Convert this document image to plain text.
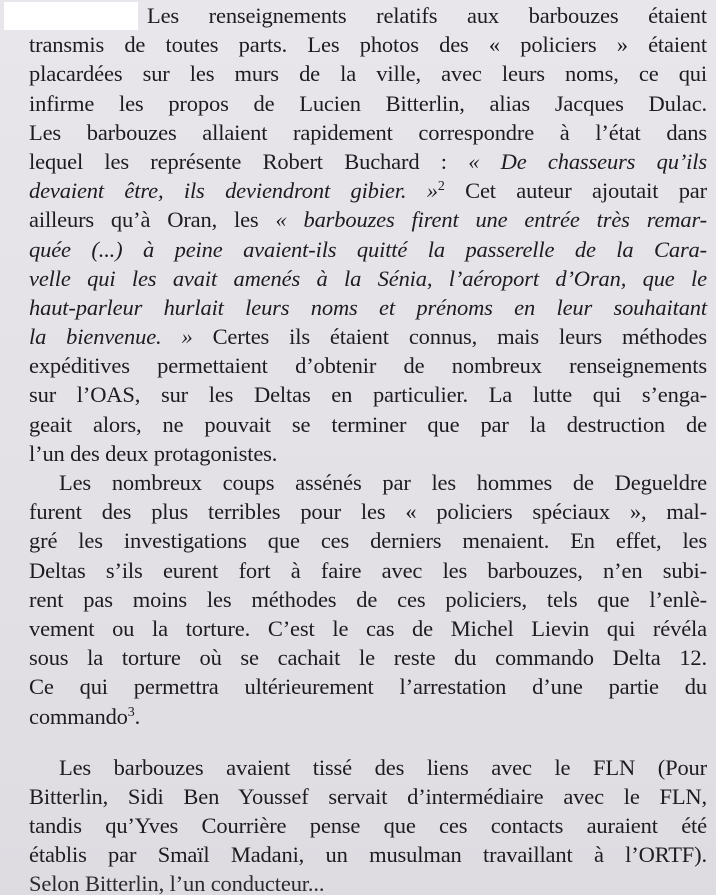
Les renseignements relatifs aux barbouzes étaient
transmis de toutes parts. Les photos des « policiers » étaient
placardées sur les murs de la ville, avec leurs noms, ce qui
infirme les propos de Lucien Bitterlin, alias Jacques Dulac.
Les barbouzes allaient rapidement correspondre à l’état dans
lequel les représente Robert Buchard : « De chasseurs qu’ils
devaient être, ils deviendront gibier. »$^2$ Cet auteur ajoutait par
ailleurs qu’à Oran, les « barbouzes firent une entrée très remar-
quée (...) à peine avaient-ils quitté la passerelle de la Cara-
velle qui les avait amenés à la Sénia, l’aéroport d’Oran, que le
haut-parleur hurlait leurs noms et prénoms en leur souhaitant
la bienvenue. » Certes ils étaient connus, mais leurs méthodes
expéditives permettaient d’obtenir de nombreux renseignements
sur l’OAS, sur les Deltas en particulier. La lutte qui s’enga-
geait alors, ne pouvait se terminer que par la destruction de
l’un des deux protagonistes.
Les nombreux coups assénés par les hommes de Degueldre
furent des plus terribles pour les « policiers spéciaux », mal-
gré les investigations que ces derniers menaient. En effet, les
Deltas s’ils eurent fort à faire avec les barbouzes, n’en subi-
rent pas moins les méthodes de ces policiers, tels que l’enlè-
vement ou la torture. C’est le cas de Michel Lievin qui révéla
sous la torture où se cachait le reste du commando Delta 12.
Ce qui permettra ultérieurement l’arrestation d’une partie du
commando$^3$.
Les barbouzes avaient tissé des liens avec le FLN (Pour
Bitterlin, Sidi Ben Youssef servait d’intermédiaire avec le FLN,
tandis qu’Yves Courrière pense que ces contacts auraient été
établis par Smaïl Madani, un musulman travaillant à l’ORTF).
Selon Bitterlin, l’un conducteur...
